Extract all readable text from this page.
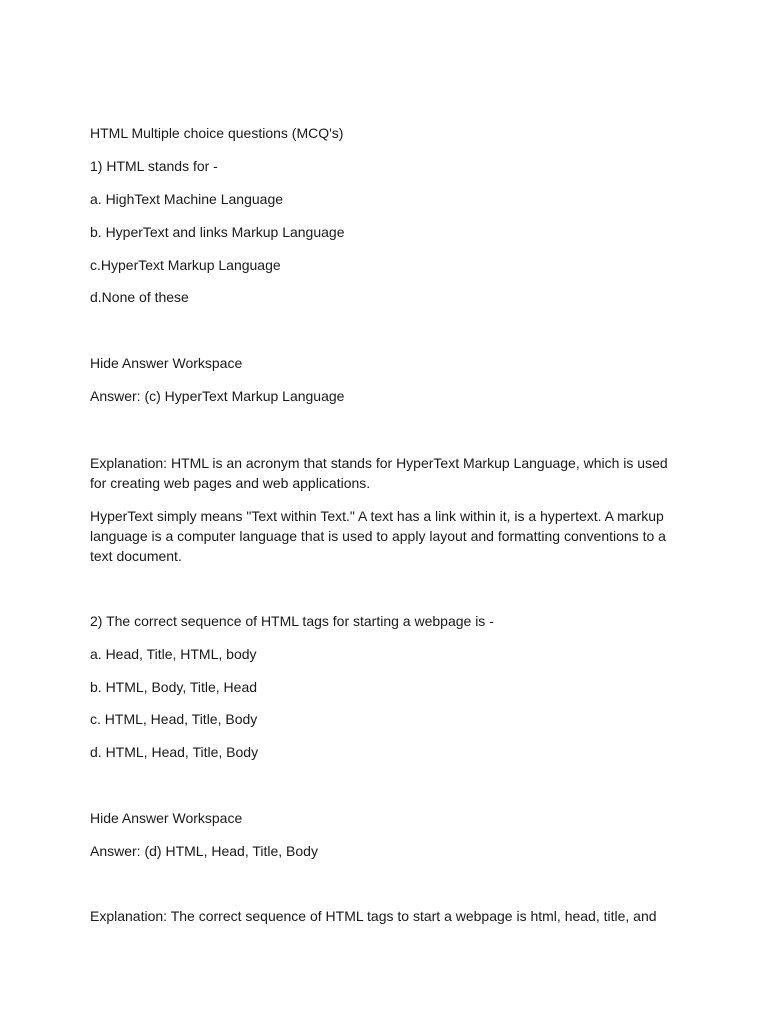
HTML Multiple choice questions (MCQ's)

1) HTML stands for -

a. HighText Machine Language

b. HyperText and links Markup Language

c.HyperText Markup Language

d.None of these

Hide Answer Workspace

Answer: (c) HyperText Markup Language

Explanation: HTML is an acronym that stands for HyperText Markup Language, which is used for creating web pages and web applications.

HyperText simply means "Text within Text." A text has a link within it, is a hypertext. A markup language is a computer language that is used to apply layout and formatting conventions to a text document.

2) The correct sequence of HTML tags for starting a webpage is -

a. Head, Title, HTML, body

b. HTML, Body, Title, Head

c. HTML, Head, Title, Body

d. HTML, Head, Title, Body

Hide Answer Workspace

Answer: (d) HTML, Head, Title, Body

Explanation: The correct sequence of HTML tags to start a webpage is html, head, title, and
